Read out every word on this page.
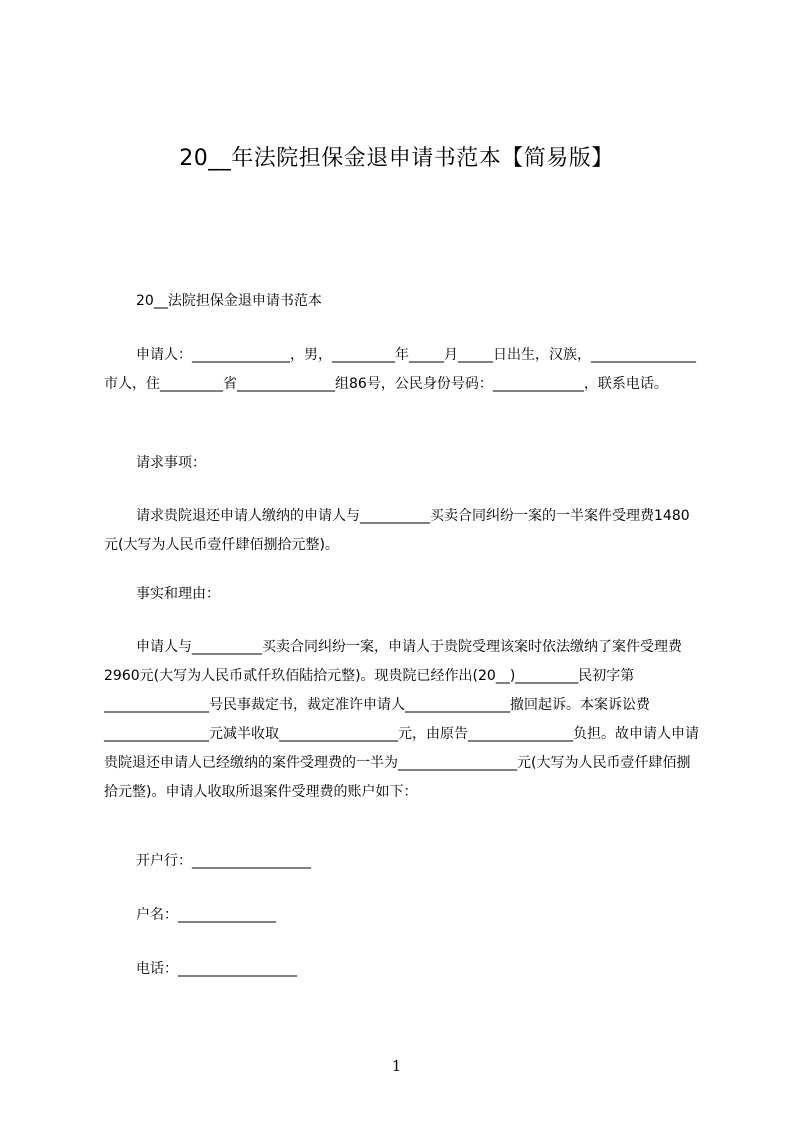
20__年法院担保金退申请书范本【简易版】

20__法院担保金退申请书范本

申请人：______________，男，_________年_____月_____日出生，汉族，_______________市人，住_________省______________组86号，公民身份号码：_____________，联系电话。

请求事项：

请求贵院退还申请人缴纳的申请人与__________买卖合同纠纷一案的一半案件受理费1480元(大写为人民币壹仟肆佰捌拾元整)。

事实和理由：

申请人与__________买卖合同纠纷一案，申请人于贵院受理该案时依法缴纳了案件受理费2960元(大写为人民币贰仟玖佰陆拾元整)。现贵院已经作出(20__)_________民初字第_______________号民事裁定书，裁定准许申请人_______________撤回起诉。本案诉讼费_______________元减半收取_________________元，由原告_______________负担。故申请人申请贵院退还申请人已经缴纳的案件受理费的一半为_________________元(大写为人民币壹仟肆佰捌拾元整)。申请人收取所退案件受理费的账户如下：

开户行：_________________

户名：______________

电话：_________________

1
